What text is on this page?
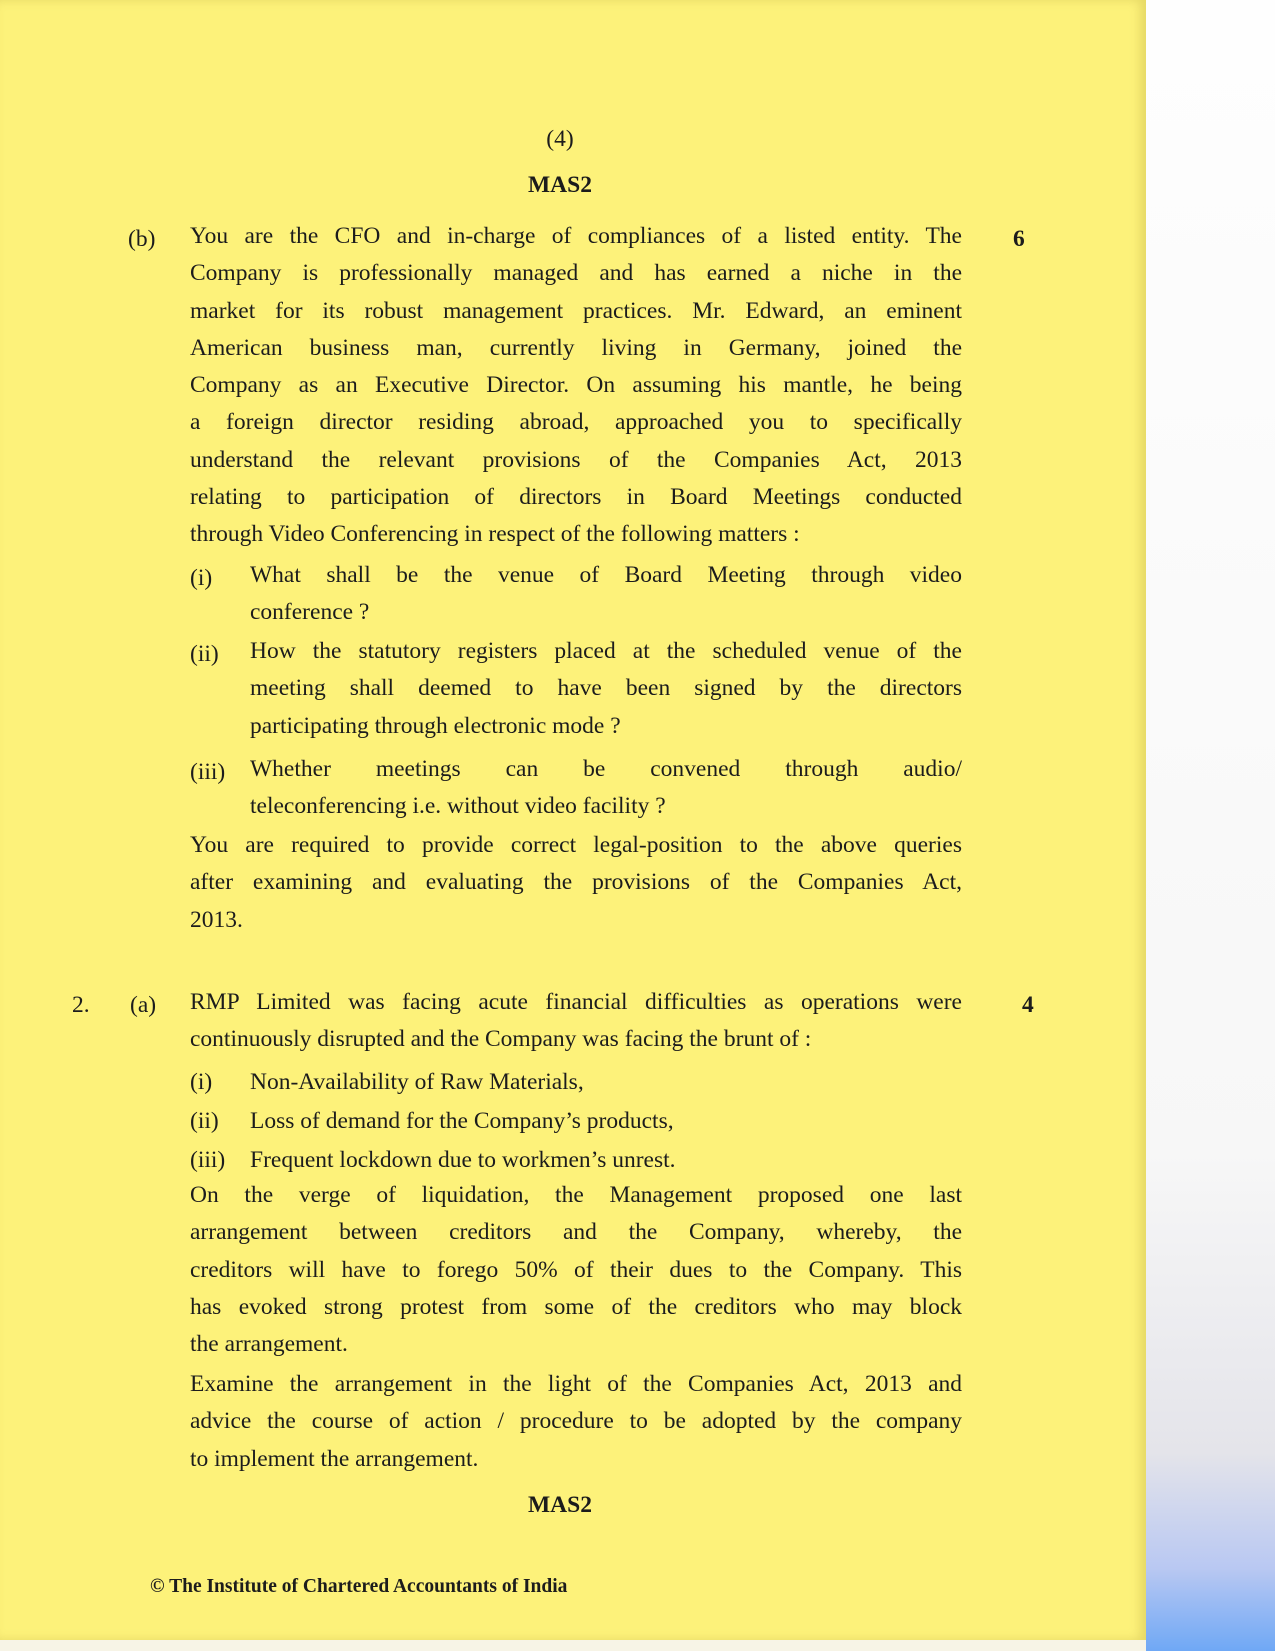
(4)
MAS2
(b)	6
You are the CFO and in-charge of compliances of a listed entity. The
Company is professionally managed and has earned a niche in the
market for its robust management practices. Mr. Edward, an eminent
American business man, currently living in Germany, joined the
Company as an Executive Director. On assuming his mantle, he being
a foreign director residing abroad, approached you to specifically
understand the relevant provisions of the Companies Act, 2013
relating to participation of directors in Board Meetings conducted
through Video Conferencing in respect of the following matters :
(i) What shall be the venue of Board Meeting through video
conference ?
(ii) How the statutory registers placed at the scheduled venue of the
meeting shall deemed to have been signed by the directors
participating through electronic mode ?
(iii) Whether meetings can be convened through audio/
teleconferencing i.e. without video facility ?
You are required to provide correct legal-position to the above queries
after examining and evaluating the provisions of the Companies Act,
2013.
2. (a)	4
RMP Limited was facing acute financial difficulties as operations were
continuously disrupted and the Company was facing the brunt of :
(i) Non-Availability of Raw Materials,
(ii) Loss of demand for the Company’s products,
(iii) Frequent lockdown due to workmen’s unrest.
On the verge of liquidation, the Management proposed one last
arrangement between creditors and the Company, whereby, the
creditors will have to forego 50% of their dues to the Company. This
has evoked strong protest from some of the creditors who may block
the arrangement.
Examine the arrangement in the light of the Companies Act, 2013 and
advice the course of action / procedure to be adopted by the company
to implement the arrangement.
MAS2
© The Institute of Chartered Accountants of India
